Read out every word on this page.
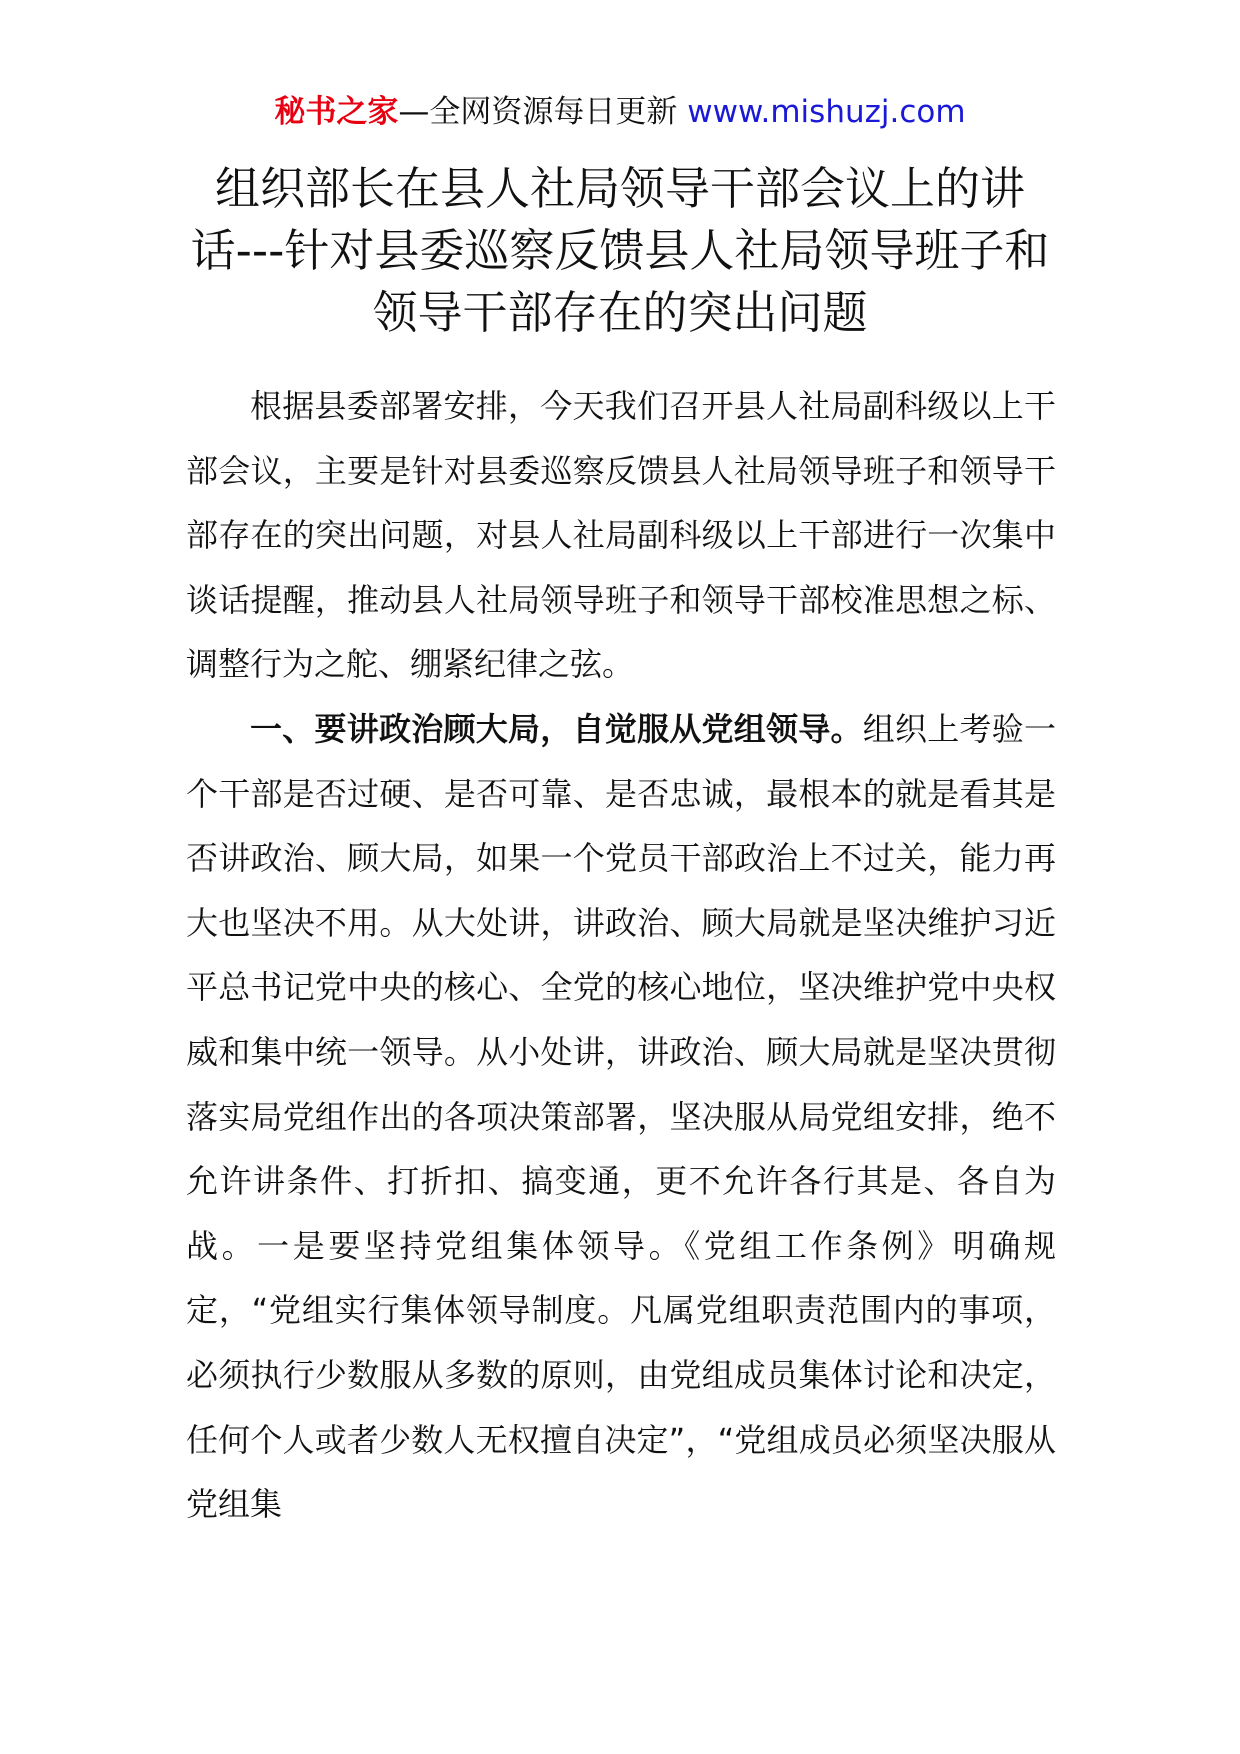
秘书之家—全网资源每日更新 www.mishuzj.com
组织部长在县人社局领导干部会议上的讲话---针对县委巡察反馈县人社局领导班子和领导干部存在的突出问题

根据县委部署安排，今天我们召开县人社局副科级以上干部会议，主要是针对县委巡察反馈县人社局领导班子和领导干部存在的突出问题，对县人社局副科级以上干部进行一次集中谈话提醒，推动县人社局领导班子和领导干部校准思想之标、调整行为之舵、绷紧纪律之弦。

一、要讲政治顾大局，自觉服从党组领导。组织上考验一个干部是否过硬、是否可靠、是否忠诚，最根本的就是看其是否讲政治、顾大局，如果一个党员干部政治上不过关，能力再大也坚决不用。从大处讲，讲政治、顾大局就是坚决维护习近平总书记党中央的核心、全党的核心地位，坚决维护党中央权威和集中统一领导。从小处讲，讲政治、顾大局就是坚决贯彻落实局党组作出的各项决策部署，坚决服从局党组安排，绝不允许讲条件、打折扣、搞变通，更不允许各行其是、各自为战。一是要坚持党组集体领导。《党组工作条例》明确规定，“党组实行集体领导制度。凡属党组职责范围内的事项，必须执行少数服从多数的原则，由党组成员集体讨论和决定，任何个人或者少数人无权擅自决定”，“党组成员必须坚决服从党组集
